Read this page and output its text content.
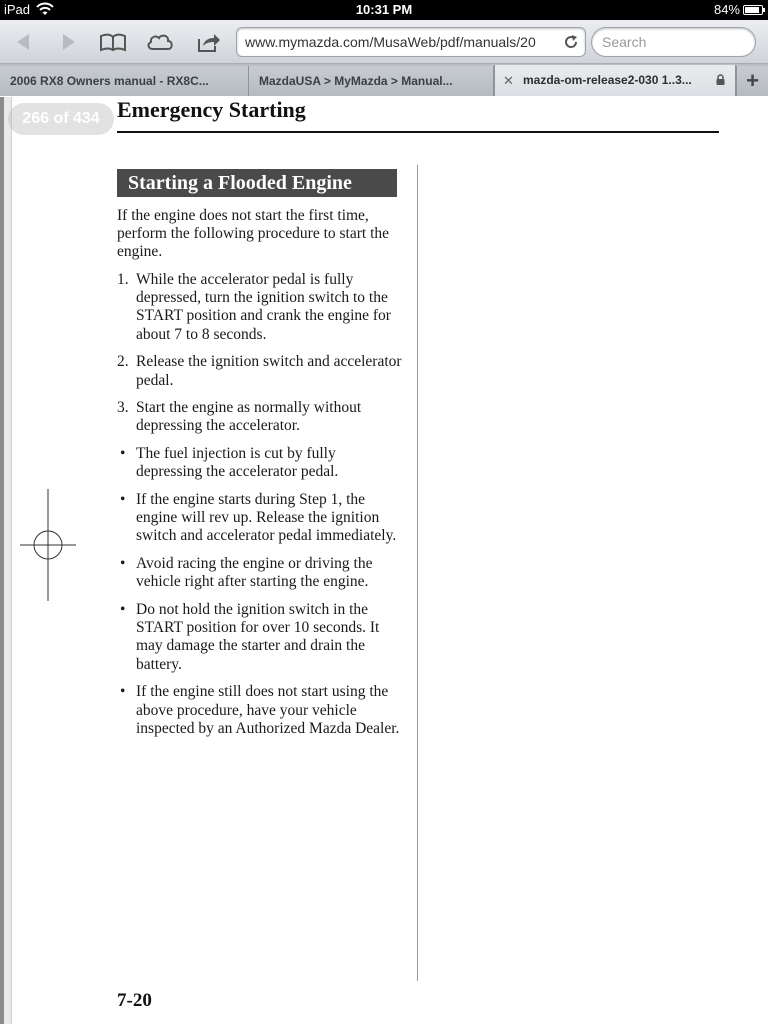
iPad	10:31 PM	84%
www.mymazda.com/MusaWeb/pdf/manuals/20
Search
2006 RX8 Owners manual - RX8C...	MazdaUSA > MyMazda > Manual...	✕ mazda-om-release2-030 1..3...	+
Emergency Starting
266 of 434
Starting a Flooded Engine

If the engine does not start the first time, perform the following procedure to start the engine.

1. While the accelerator pedal is fully depressed, turn the ignition switch to the START position and crank the engine for about 7 to 8 seconds.
2. Release the ignition switch and accelerator pedal.
3. Start the engine as normally without depressing the accelerator.
• The fuel injection is cut by fully depressing the accelerator pedal.
• If the engine starts during Step 1, the engine will rev up. Release the ignition switch and accelerator pedal immediately.
• Avoid racing the engine or driving the vehicle right after starting the engine.
• Do not hold the ignition switch in the START position for over 10 seconds. It may damage the starter and drain the battery.
• If the engine still does not start using the above procedure, have your vehicle inspected by an Authorized Mazda Dealer.
7-20
